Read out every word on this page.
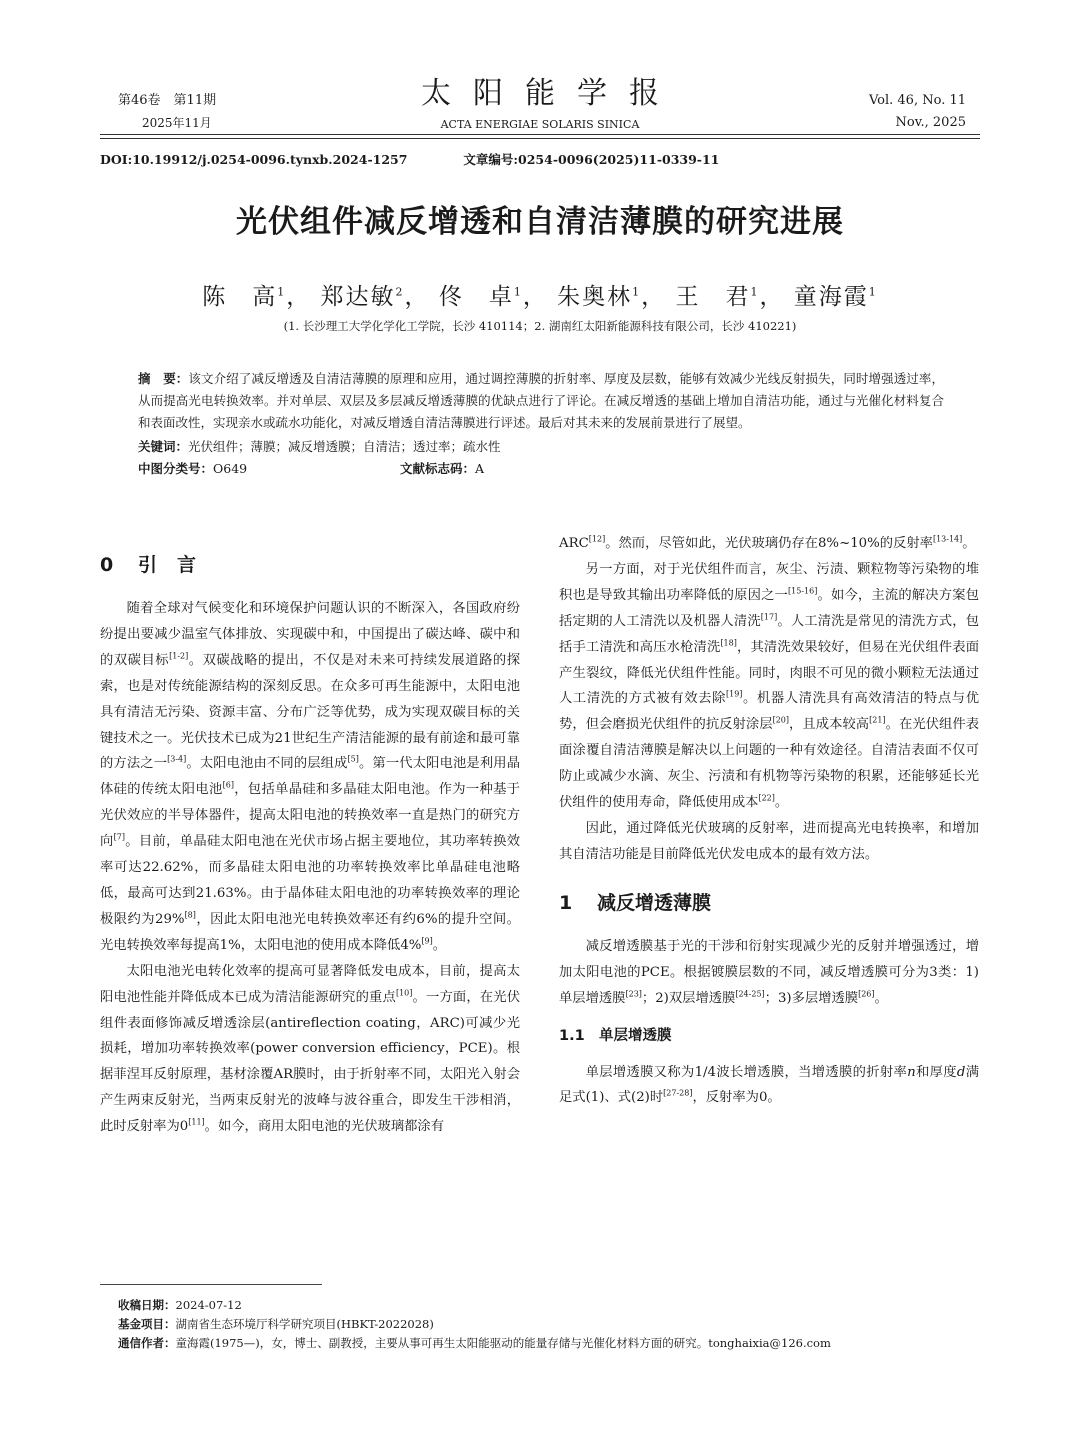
第46卷　第11期
2025年11月
太阳能学报
ACTA ENERGIAE SOLARIS SINICA
Vol. 46, No. 11
Nov., 2025
DOI:10.19912/j.0254-0096.tynxb.2024-1257	文章编号:0254-0096(2025)11-0339-11
光伏组件减反增透和自清洁薄膜的研究进展
陈　高$^1$， 郑达敏$^2$， 佟　卓$^1$， 朱奥林$^1$， 王　君$^1$， 童海霞$^1$
(1. 长沙理工大学化学化工学院，长沙 410114；2. 湖南红太阳新能源科技有限公司，长沙 410221)
摘　要：该文介绍了减反增透及自清洁薄膜的原理和应用，通过调控薄膜的折射率、厚度及层数，能够有效减少光线反射损失，同时增强透过率，从而提高光电转换效率。并对单层、双层及多层减反增透薄膜的优缺点进行了评论。在减反增透的基础上增加自清洁功能，通过与光催化材料复合和表面改性，实现亲水或疏水功能化，对减反增透自清洁薄膜进行评述。最后对其未来的发展前景进行了展望。
关键词：光伏组件；薄膜；减反增透膜；自清洁；透过率；疏水性
中图分类号：O649	文献标志码：A
0 引言

随着全球对气候变化和环境保护问题认识的不断深入，各国政府纷纷提出要减少温室气体排放、实现碳中和，中国提出了碳达峰、碳中和的双碳目标[1-2]。双碳战略的提出，不仅是对未来可持续发展道路的探索，也是对传统能源结构的深刻反思。在众多可再生能源中，太阳电池具有清洁无污染、资源丰富、分布广泛等优势，成为实现双碳目标的关键技术之一。光伏技术已成为21世纪生产清洁能源的最有前途和最可靠的方法之一[3-4]。太阳电池由不同的层组成[5]。第一代太阳电池是利用晶体硅的传统太阳电池[6]，包括单晶硅和多晶硅太阳电池。作为一种基于光伏效应的半导体器件，提高太阳电池的转换效率一直是热门的研究方向[7]。目前，单晶硅太阳电池在光伏市场占据主要地位，其功率转换效率可达22.62%，而多晶硅太阳电池的功率转换效率比单晶硅电池略低，最高可达到21.63%。由于晶体硅太阳电池的功率转换效率的理论极限约为29%[8]，因此太阳电池光电转换效率还有约6%的提升空间。光电转换效率每提高1%，太阳电池的使用成本降低4%[9]。

太阳电池光电转化效率的提高可显著降低发电成本，目前，提高太阳电池性能并降低成本已成为清洁能源研究的重点[10]。一方面，在光伏组件表面修饰减反增透涂层(antireflection coating，ARC)可减少光损耗，增加功率转换效率(power conversion efficiency，PCE)。根据菲涅耳反射原理，基材涂覆AR膜时，由于折射率不同，太阳光入射会产生两束反射光，当两束反射光的波峰与波谷重合，即发生干涉相消，此时反射率为0[11]。如今，商用太阳电池的光伏玻璃都涂有

ARC[12]。然而，尽管如此，光伏玻璃仍存在8%~10%的反射率[13-14]。

另一方面，对于光伏组件而言，灰尘、污渍、颗粒物等污染物的堆积也是导致其输出功率降低的原因之一[15-16]。如今，主流的解决方案包括定期的人工清洗以及机器人清洗[17]。人工清洗是常见的清洗方式，包括手工清洗和高压水枪清洗[18]，其清洗效果较好，但易在光伏组件表面产生裂纹，降低光伏组件性能。同时，肉眼不可见的微小颗粒无法通过人工清洗的方式被有效去除[19]。机器人清洗具有高效清洁的特点与优势，但会磨损光伏组件的抗反射涂层[20]，且成本较高[21]。在光伏组件表面涂覆自清洁薄膜是解决以上问题的一种有效途径。自清洁表面不仅可防止或减少水滴、灰尘、污渍和有机物等污染物的积累，还能够延长光伏组件的使用寿命，降低使用成本[22]。

因此，通过降低光伏玻璃的反射率，进而提高光电转换率，和增加其自清洁功能是目前降低光伏发电成本的最有效方法。

1 减反增透薄膜

减反增透膜基于光的干涉和衍射实现减少光的反射并增强透过，增加太阳电池的PCE。根据镀膜层数的不同，减反增透膜可分为3类：1)单层增透膜[23]；2)双层增透膜[24-25]；3)多层增透膜[26]。

1.1 单层增透膜

单层增透膜又称为1/4波长增透膜，当增透膜的折射率n和厚度d满足式(1)、式(2)时[27-28]，反射率为0。

收稿日期：2024-07-12
基金项目：湖南省生态环境厅科学研究项目(HBKT-2022028)
通信作者：童海霞(1975—)，女，博士、副教授，主要从事可再生太阳能驱动的能量存储与光催化材料方面的研究。tonghaixia@126.com
